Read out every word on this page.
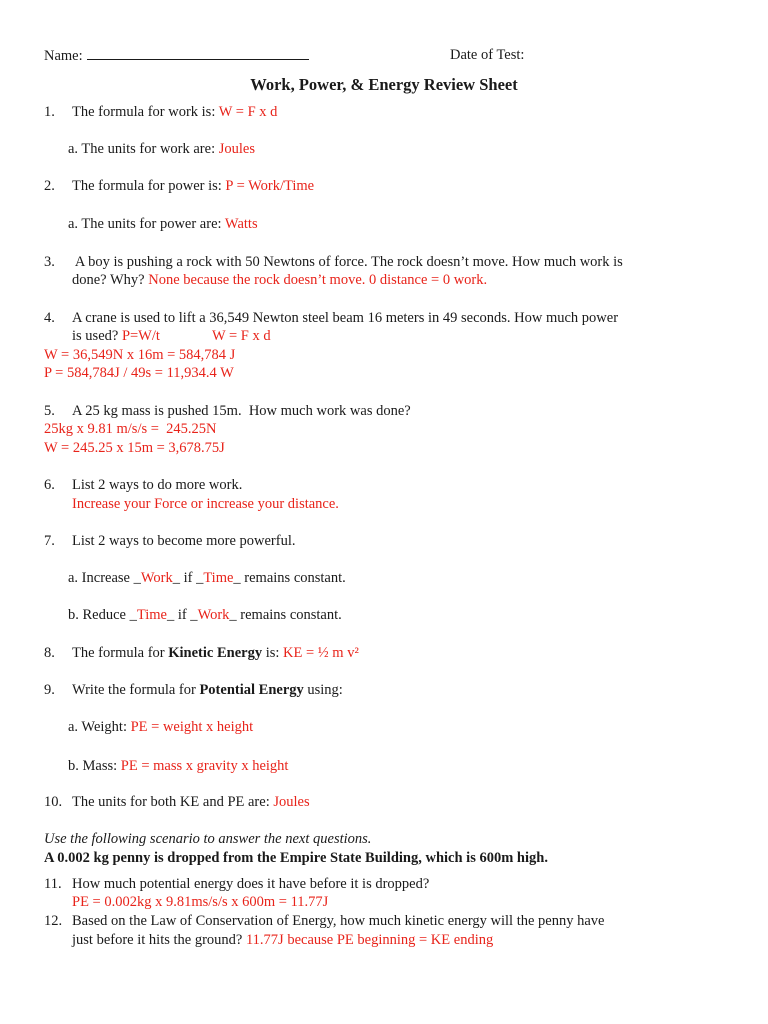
Name:	Date of Test:
Work, Power, & Energy Review Sheet
1. The formula for work is: W = F x d
a. The units for work are: Joules
2. The formula for power is: P = Work/Time
a. The units for power are: Watts
3. A boy is pushing a rock with 50 Newtons of force. The rock doesn’t move. How much work is
done? Why? None because the rock doesn’t move. 0 distance = 0 work.
4. A crane is used to lift a 36,549 Newton steel beam 16 meters in 49 seconds. How much power
is used? P=W/t	W = F x d
W = 36,549N x 16m = 584,784 J
P = 584,784J / 49s = 11,934.4 W
5. A 25 kg mass is pushed 15m.  How much work was done?
25kg x 9.81 m/s/s =  245.25N
W = 245.25 x 15m = 3,678.75J
6. List 2 ways to do more work.
Increase your Force or increase your distance.
7. List 2 ways to become more powerful.
a. Increase _Work_ if _Time_ remains constant.
b. Reduce _Time_ if _Work_ remains constant.
8. The formula for Kinetic Energy is: KE = ½ m v²
9. Write the formula for Potential Energy using:
a. Weight: PE = weight x height
b. Mass: PE = mass x gravity x height
10. The units for both KE and PE are: Joules
Use the following scenario to answer the next questions.
A 0.002 kg penny is dropped from the Empire State Building, which is 600m high.
11. How much potential energy does it have before it is dropped?
PE = 0.002kg x 9.81ms/s/s x 600m = 11.77J
12. Based on the Law of Conservation of Energy, how much kinetic energy will the penny have
just before it hits the ground? 11.77J because PE beginning = KE ending
